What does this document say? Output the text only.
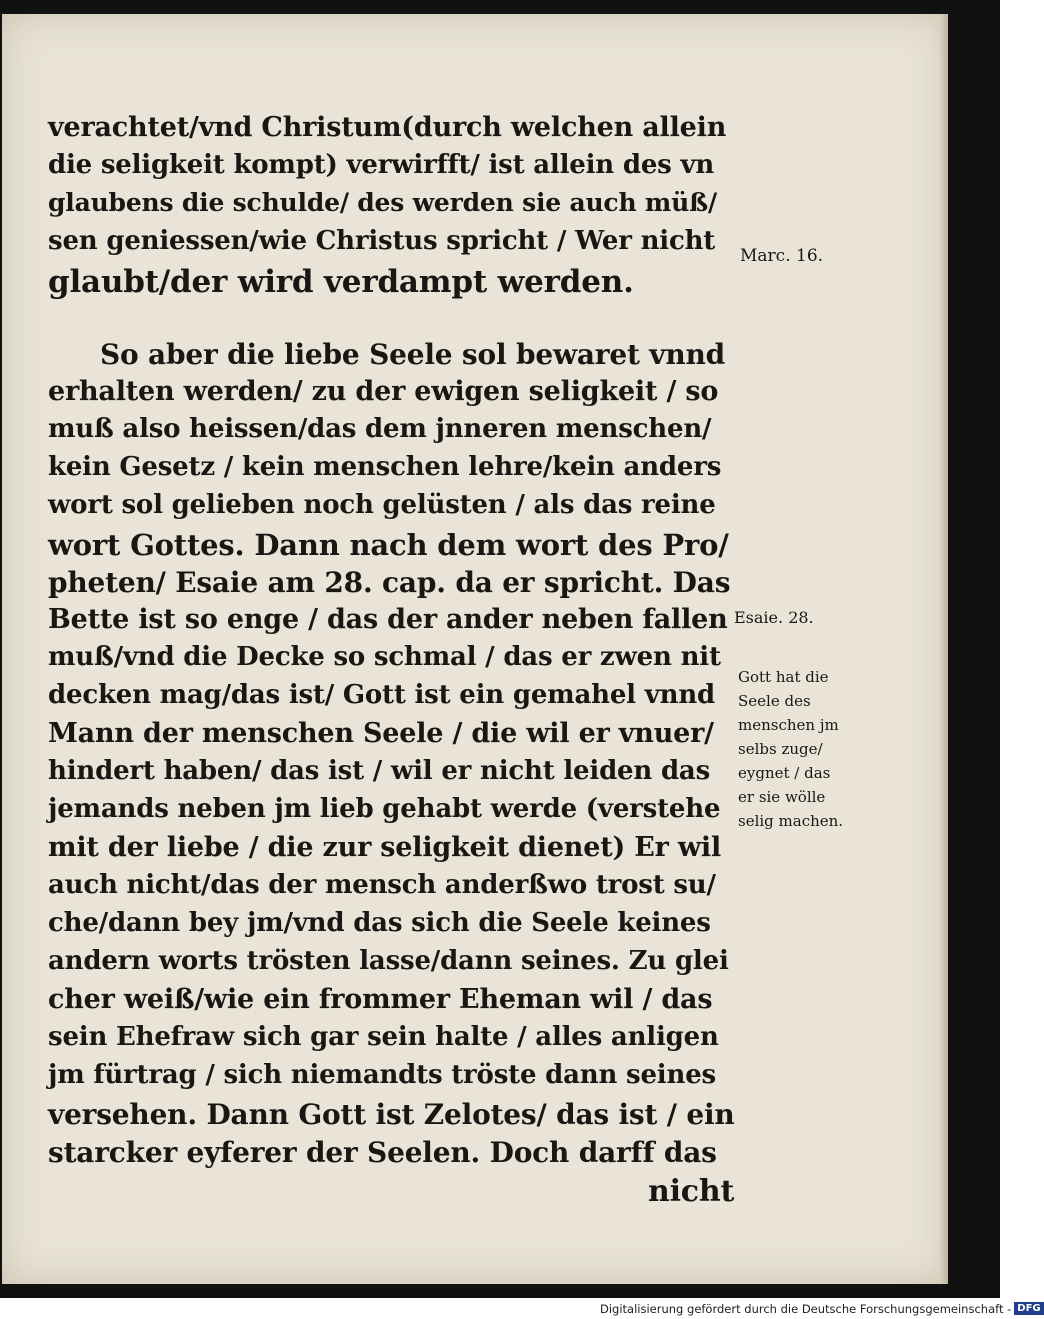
verachtet/vnd Christum(durch welchen allein
die seligkeit kompt) verwirfft/ ist allein des vn
glaubens die schulde/ des werden sie auch müß/
sen geniessen/wie Christus spricht / Wer nicht
glaubt/der wird verdampt werden.
So aber die liebe Seele sol bewaret vnnd
erhalten werden/ zu der ewigen seligkeit / so
muß also heissen/das dem jnneren menschen/
kein Gesetz / kein menschen lehre/kein anders
wort sol gelieben noch gelüsten / als das reine
wort Gottes. Dann nach dem wort des Pro/
pheten/ Esaie am 28. cap. da er spricht. Das
Bette ist so enge / das der ander neben fallen
muß/vnd die Decke so schmal / das er zwen nit
decken mag/das ist/ Gott ist ein gemahel vnnd
Mann der menschen Seele / die wil er vnuer/
hindert haben/ das ist / wil er nicht leiden das
jemands neben jm lieb gehabt werde (verstehe
mit der liebe / die zur seligkeit dienet) Er wil
auch nicht/das der mensch anderßwo trost su/
che/dann bey jm/vnd das sich die Seele keines
andern worts trösten lasse/dann seines. Zu glei
cher weiß/wie ein frommer Eheman wil / das
sein Ehefraw sich gar sein halte / alles anligen
jm fürtrag / sich niemandts tröste dann seines
versehen. Dann Gott ist Zelotes/ das ist / ein
starcker eyferer der Seelen. Doch darff das
nicht
Marc. 16.
Esaie. 28.
Gott hat die
Seele des
menschen jm
selbs zuge/
eygnet / das
er sie wölle
selig machen.
Digitalisierung gefördert durch die Deutsche Forschungsgemeinschaft - DFG
